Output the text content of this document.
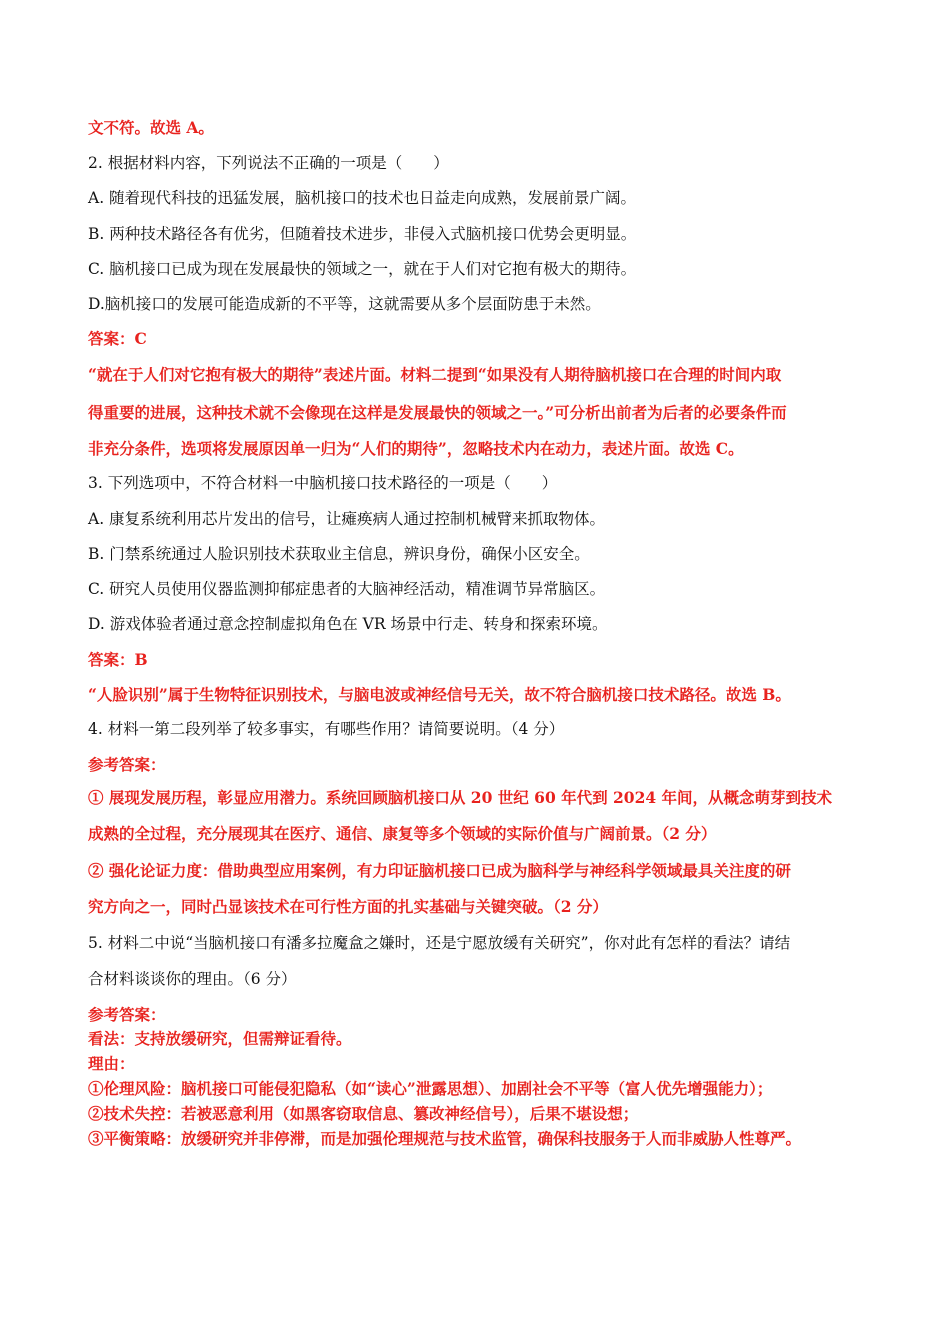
文不符。故选 A。
2. 根据材料内容，下列说法不正确的一项是（　　）
A. 随着现代科技的迅猛发展，脑机接口的技术也日益走向成熟，发展前景广阔。
B. 两种技术路径各有优劣，但随着技术进步，非侵入式脑机接口优势会更明显。
C. 脑机接口已成为现在发展最快的领域之一，就在于人们对它抱有极大的期待。
D.脑机接口的发展可能造成新的不平等，这就需要从多个层面防患于未然。
答案：C
“就在于人们对它抱有极大的期待”表述片面。材料二提到“如果没有人期待脑机接口在合理的时间内取
得重要的进展，这种技术就不会像现在这样是发展最快的领域之一。”可分析出前者为后者的必要条件而
非充分条件，选项将发展原因单一归为“人们的期待”，忽略技术内在动力，表述片面。故选 C。
3. 下列选项中，不符合材料一中脑机接口技术路径的一项是（　　）
A. 康复系统利用芯片发出的信号，让瘫痪病人通过控制机械臂来抓取物体。
B. 门禁系统通过人脸识别技术获取业主信息，辨识身份，确保小区安全。
C. 研究人员使用仪器监测抑郁症患者的大脑神经活动，精准调节异常脑区。
D. 游戏体验者通过意念控制虚拟角色在 VR 场景中行走、转身和探索环境。
答案：B
“人脸识别”属于生物特征识别技术，与脑电波或神经信号无关，故不符合脑机接口技术路径。故选 B。
4. 材料一第二段列举了较多事实，有哪些作用？请简要说明。（4 分）
参考答案：
① 展现发展历程，彰显应用潜力。系统回顾脑机接口从 20 世纪 60 年代到 2024 年间，从概念萌芽到技术
成熟的全过程，充分展现其在医疗、通信、康复等多个领域的实际价值与广阔前景。（2 分）
② 强化论证力度：借助典型应用案例，有力印证脑机接口已成为脑科学与神经科学领域最具关注度的研
究方向之一，同时凸显该技术在可行性方面的扎实基础与关键突破。（2 分）
5. 材料二中说“当脑机接口有潘多拉魔盒之嫌时，还是宁愿放缓有关研究”，你对此有怎样的看法？请结
合材料谈谈你的理由。（6 分）
参考答案：
看法：支持放缓研究，但需辩证看待。
理由：
①伦理风险：脑机接口可能侵犯隐私（如“读心”泄露思想）、加剧社会不平等（富人优先增强能力）；
②技术失控：若被恶意利用（如黑客窃取信息、篡改神经信号），后果不堪设想；
③平衡策略：放缓研究并非停滞，而是加强伦理规范与技术监管，确保科技服务于人而非威胁人性尊严。
